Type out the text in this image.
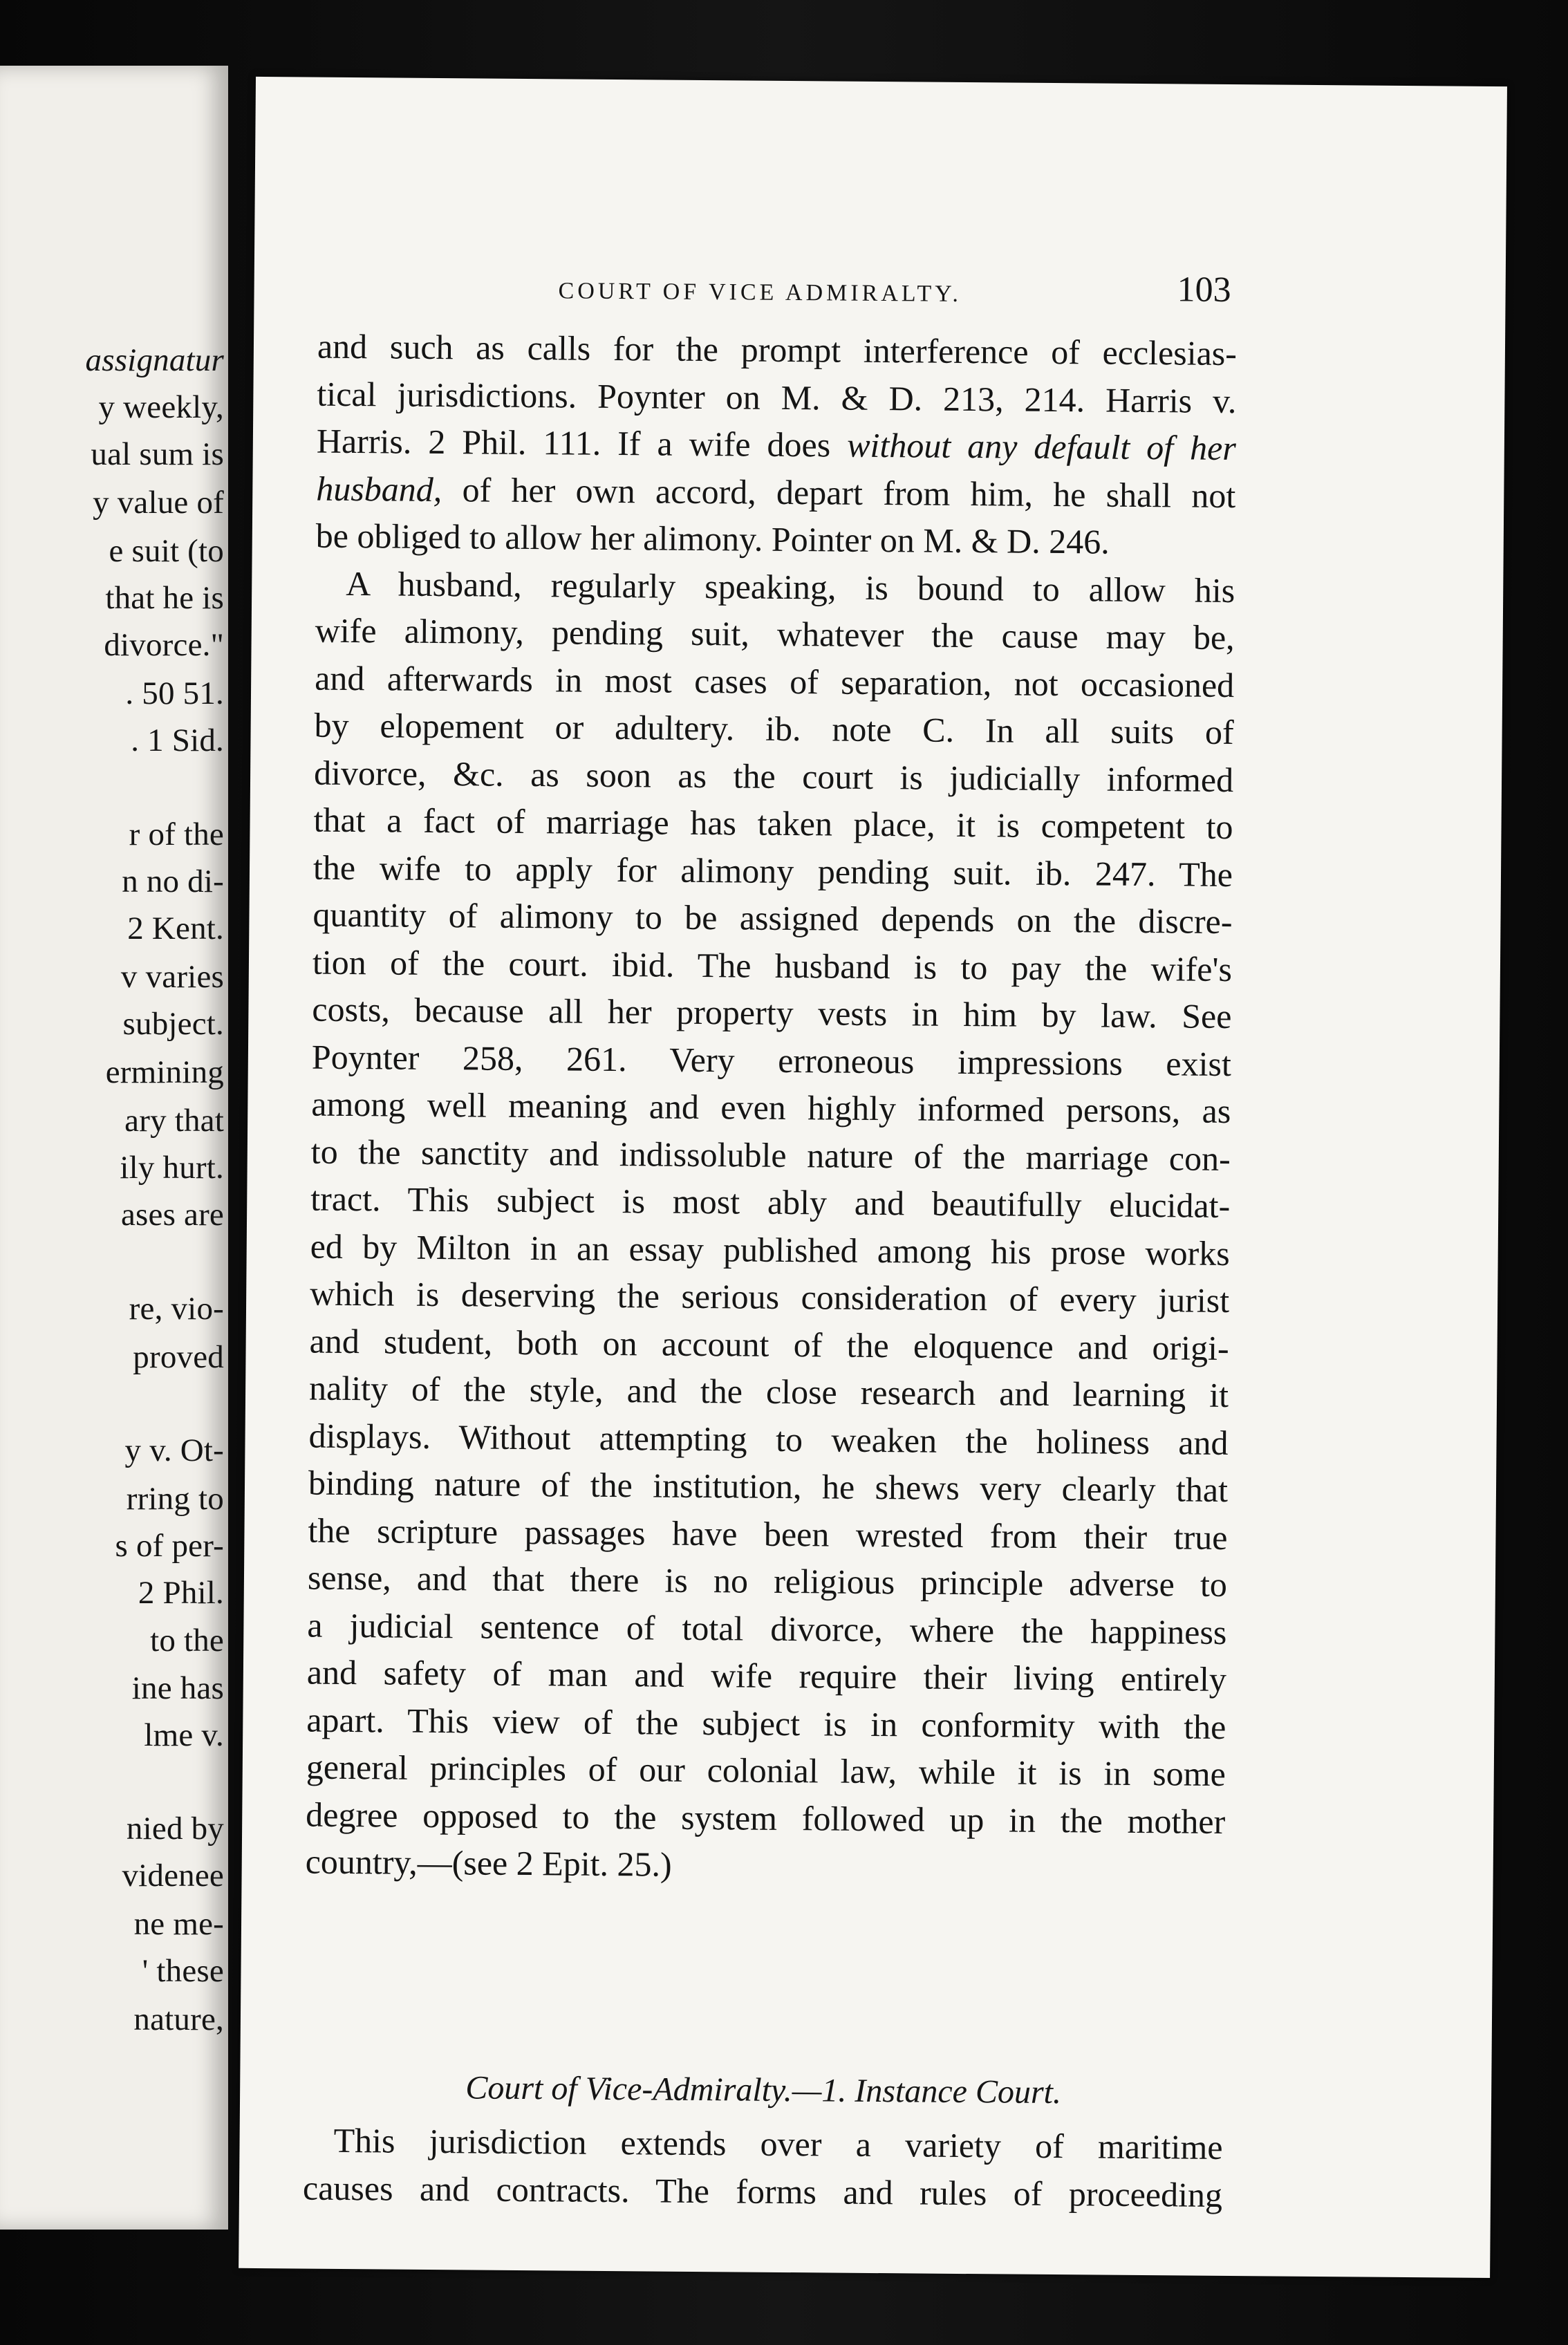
assignatur
y weekly,
ual sum is
y value of
e suit (to
that he is
divorce."
. 50 51.
. 1 Sid.
r of the
n no di-
2 Kent.
v varies
subject.
ermining
ary that
ily hurt.
ases are
re, vio-
proved
y v. Ot-
rring to
s of per-
2 Phil.
to the
ine has
lme v.
nied by
videnee
ne me-
' these
nature,
COURT OF VICE ADMIRALTY.	103
and such as calls for the prompt interference of ecclesias-
tical jurisdictions. Poynter on M. & D. 213, 214. Harris v.
Harris. 2 Phil. 111. If a wife does without any default of her
husband, of her own accord, depart from him, he shall not
be obliged to allow her alimony. Pointer on M. & D. 246.
A husband, regularly speaking, is bound to allow his
wife alimony, pending suit, whatever the cause may be,
and afterwards in most cases of separation, not occasioned
by elopement or adultery. ib. note C. In all suits of
divorce, &c. as soon as the court is judicially informed
that a fact of marriage has taken place, it is competent to
the wife to apply for alimony pending suit. ib. 247. The
quantity of alimony to be assigned depends on the discre-
tion of the court. ibid. The husband is to pay the wife's
costs, because all her property vests in him by law. See
Poynter 258, 261. Very erroneous impressions exist
among well meaning and even highly informed persons, as
to the sanctity and indissoluble nature of the marriage con-
tract. This subject is most ably and beautifully elucidat-
ed by Milton in an essay published among his prose works
which is deserving the serious consideration of every jurist
and student, both on account of the eloquence and origi-
nality of the style, and the close research and learning it
displays. Without attempting to weaken the holiness and
binding nature of the institution, he shews very clearly that
the scripture passages have been wrested from their true
sense, and that there is no religious principle adverse to
a judicial sentence of total divorce, where the happiness
and safety of man and wife require their living entirely
apart. This view of the subject is in conformity with the
general principles of our colonial law, while it is in some
degree opposed to the system followed up in the mother
country,—(see 2 Epit. 25.)
Court of Vice-Admiralty.—1. Instance Court.
This jurisdiction extends over a variety of maritime
causes and contracts. The forms and rules of proceeding
